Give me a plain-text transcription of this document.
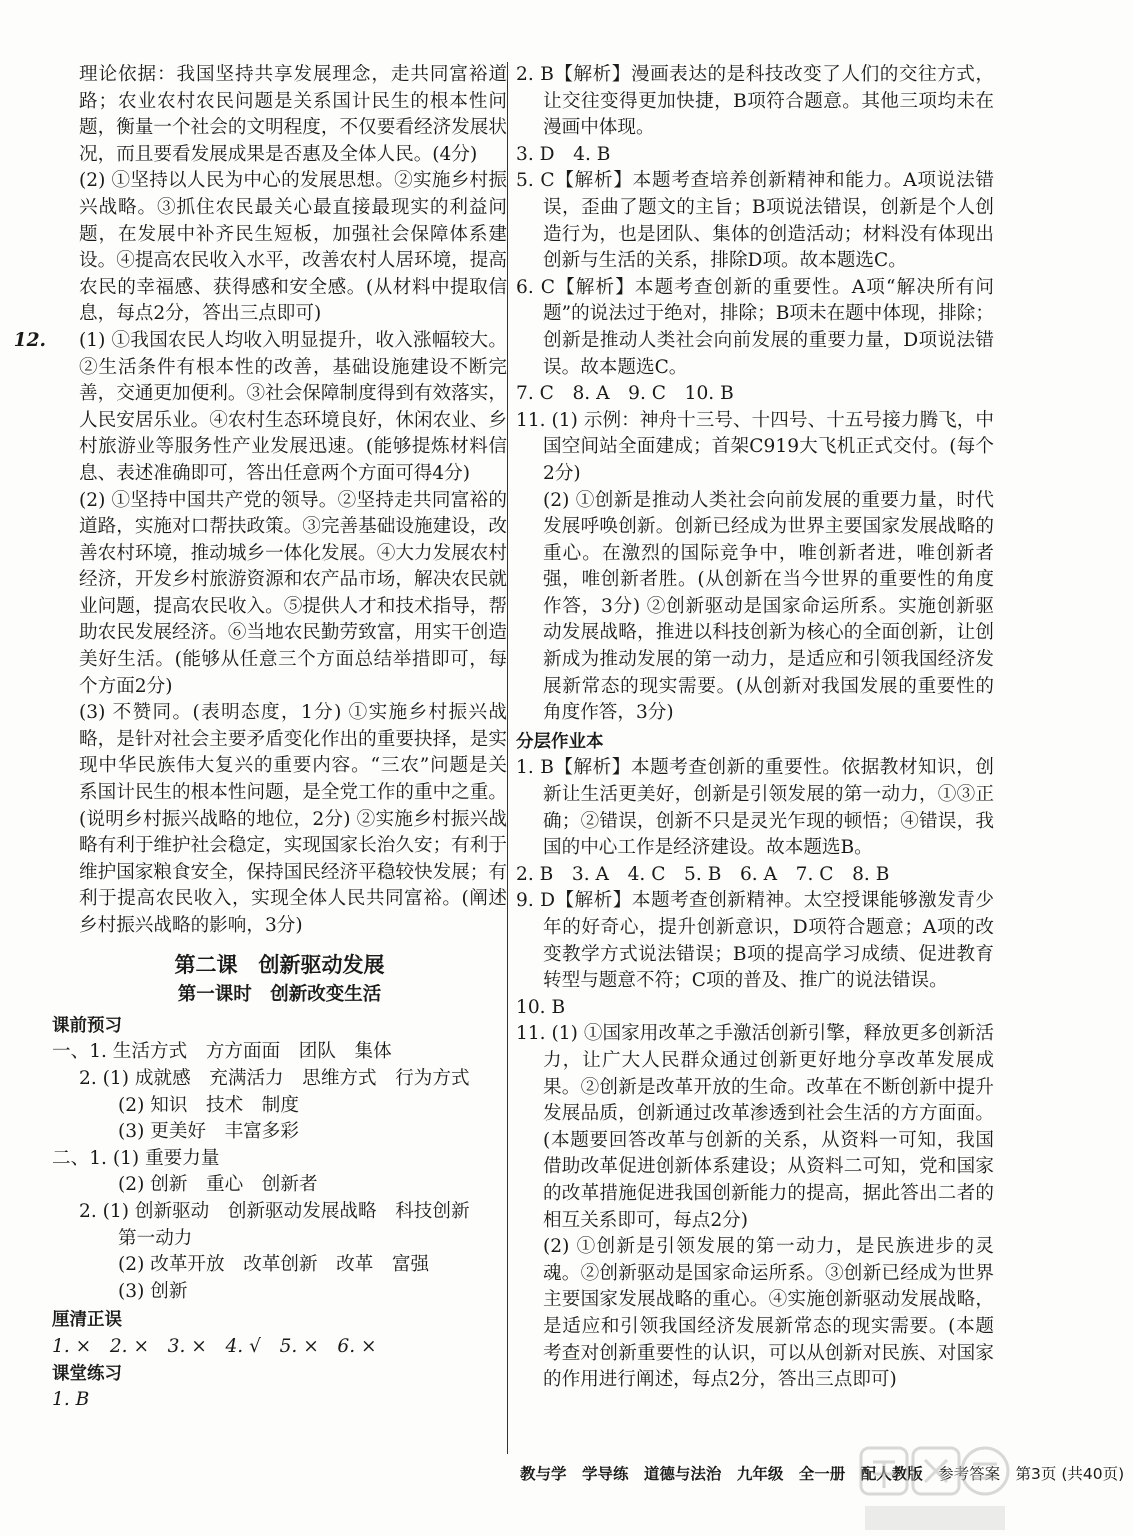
理论依据：我国坚持共享发展理念，走共同富裕道路；农业农村农民问题是关系国计民生的根本性问题，衡量一个社会的文明程度，不仅要看经济发展状况，而且要看发展成果是否惠及全体人民。(4分)

(2) ①坚持以人民为中心的发展思想。②实施乡村振兴战略。③抓住农民最关心最直接最现实的利益问题，在发展中补齐民生短板，加强社会保障体系建设。④提高农民收入水平，改善农村人居环境，提高农民的幸福感、获得感和安全感。(从材料中提取信息，每点2分，答出三点即可)

12.	(1) ①我国农民人均收入明显提升，收入涨幅较大。②生活条件有根本性的改善，基础设施建设不断完善，交通更加便利。③社会保障制度得到有效落实，人民安居乐业。④农村生态环境良好，休闲农业、乡村旅游业等服务性产业发展迅速。(能够提炼材料信息、表述准确即可，答出任意两个方面可得4分)

(2) ①坚持中国共产党的领导。②坚持走共同富裕的道路，实施对口帮扶政策。③完善基础设施建设，改善农村环境，推动城乡一体化发展。④大力发展农村经济，开发乡村旅游资源和农产品市场，解决农民就业问题，提高农民收入。⑤提供人才和技术指导，帮助农民发展经济。⑥当地农民勤劳致富，用实干创造美好生活。(能够从任意三个方面总结举措即可，每个方面2分)

(3) 不赞同。(表明态度，1分) ①实施乡村振兴战略，是针对社会主要矛盾变化作出的重要抉择，是实现中华民族伟大复兴的重要内容。“三农”问题是关系国计民生的根本性问题，是全党工作的重中之重。(说明乡村振兴战略的地位，2分) ②实施乡村振兴战略有利于维护社会稳定，实现国家长治久安；有利于维护国家粮食安全，保持国民经济平稳较快发展；有利于提高农民收入，实现全体人民共同富裕。(阐述乡村振兴战略的影响，3分)

第二课　创新驱动发展
第一课时　创新改变生活
课前预习

一、1. 生活方式　方方面面　团队　集体

2. (1) 成就感　充满活力　思维方式　行为方式

(2) 知识　技术　制度

(3) 更美好　丰富多彩

二、1. (1) 重要力量

(2) 创新　重心　创新者

2. (1) 创新驱动　创新驱动发展战略　科技创新

第一动力

(2) 改革开放　改革创新　改革　富强

(3) 创新

厘清正误

1. ×　2. ×　3. ×　4. √　5. ×　6. ×

课堂练习

1. B

2. B【解析】漫画表达的是科技改变了人们的交往方式，让交往变得更加快捷，B项符合题意。其他三项均未在漫画中体现。

3. D　4. B

5. C【解析】本题考查培养创新精神和能力。A项说法错误，歪曲了题文的主旨；B项说法错误，创新是个人创造行为，也是团队、集体的创造活动；材料没有体现出创新与生活的关系，排除D项。故本题选C。

6. C【解析】本题考查创新的重要性。A项“解决所有问题”的说法过于绝对，排除；B项未在题中体现，排除；创新是推动人类社会向前发展的重要力量，D项说法错误。故本题选C。

7. C　8. A　9. C　10. B

11. (1) 示例：神舟十三号、十四号、十五号接力腾飞，中国空间站全面建成；首架C919大飞机正式交付。(每个2分)

(2) ①创新是推动人类社会向前发展的重要力量，时代发展呼唤创新。创新已经成为世界主要国家发展战略的重心。在激烈的国际竞争中，唯创新者进，唯创新者强，唯创新者胜。(从创新在当今世界的重要性的角度作答，3分) ②创新驱动是国家命运所系。实施创新驱动发展战略，推进以科技创新为核心的全面创新，让创新成为推动发展的第一动力，是适应和引领我国经济发展新常态的现实需要。(从创新对我国发展的重要性的角度作答，3分)

分层作业本

1. B【解析】本题考查创新的重要性。依据教材知识，创新让生活更美好，创新是引领发展的第一动力，①③正确；②错误，创新不只是灵光乍现的顿悟；④错误，我国的中心工作是经济建设。故本题选B。

2. B　3. A　4. C　5. B　6. A　7. C　8. B

9. D【解析】本题考查创新精神。太空授课能够激发青少年的好奇心，提升创新意识，D项符合题意；A项的改变教学方式说法错误；B项的提高学习成绩、促进教育转型与题意不符；C项的普及、推广的说法错误。

10. B

11. (1) ①国家用改革之手激活创新引擎，释放更多创新活力，让广大人民群众通过创新更好地分享改革发展成果。②创新是改革开放的生命。改革在不断创新中提升发展品质，创新通过改革渗透到社会生活的方方面面。(本题要回答改革与创新的关系，从资料一可知，我国借助改革促进创新体系建设；从资料二可知，党和国家的改革措施促进我国创新能力的提高，据此答出二者的相互关系即可，每点2分)

(2) ①创新是引领发展的第一动力，是民族进步的灵魂。②创新驱动是国家命运所系。③创新已经成为世界主要国家发展战略的重心。④实施创新驱动发展战略，是适应和引领我国经济发展新常态的现实需要。(本题考查对创新重要性的认识，可以从创新对民族、对国家的作用进行阐述，每点2分，答出三点即可)

教与学　学导练 道德与法治 九年级 全一册 配人教版 参考答案 第3页 (共40页)
